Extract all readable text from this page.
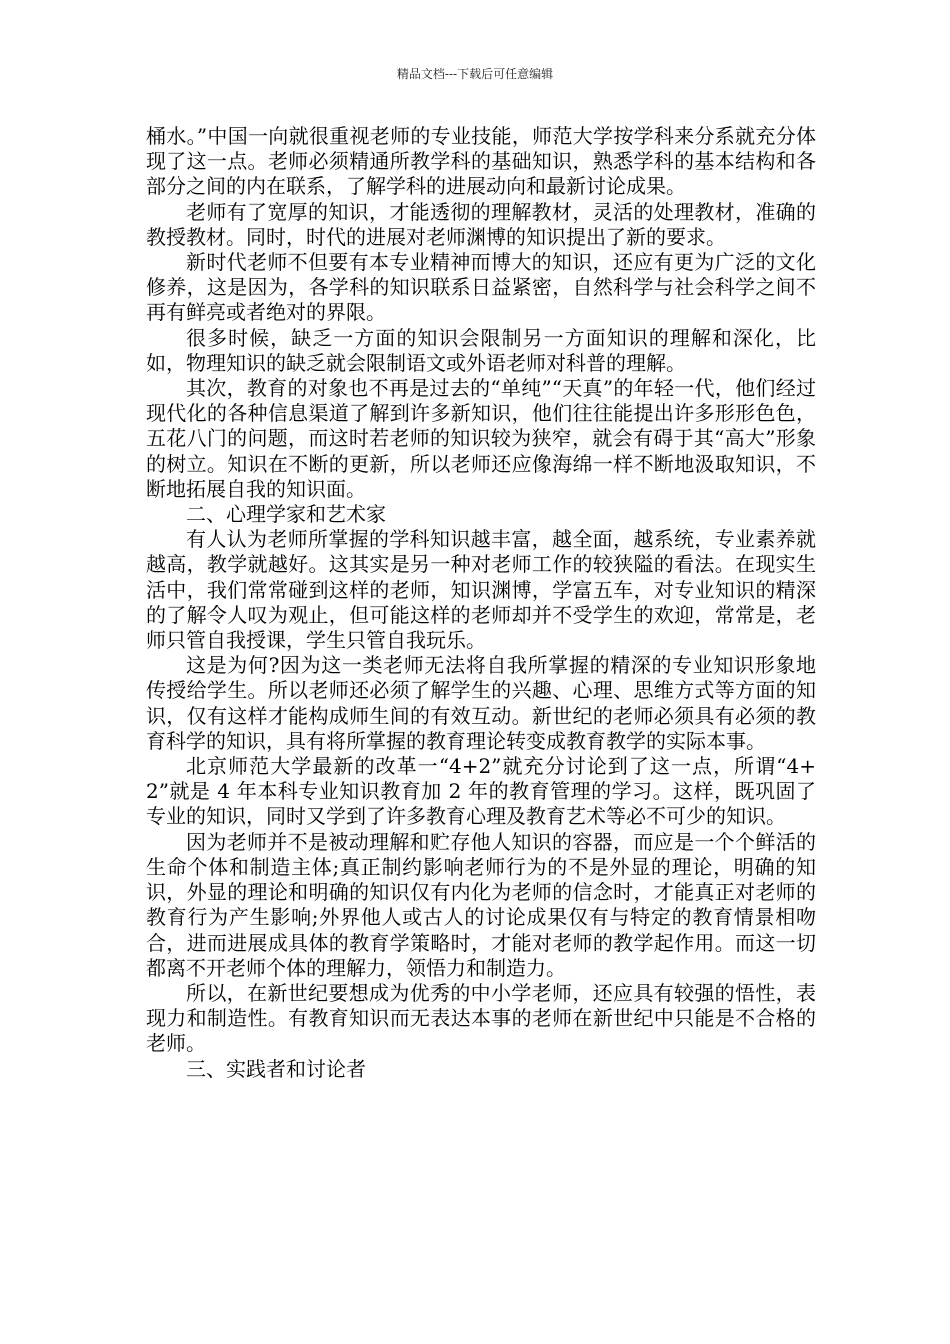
精品文档---下载后可任意编辑

桶水。”中国一向就很重视老师的专业技能，师范大学按学科来分系就充分体现了这一点。老师必须精通所教学科的基础知识，熟悉学科的基本结构和各部分之间的内在联系，了解学科的进展动向和最新讨论成果。

老师有了宽厚的知识，才能透彻的理解教材，灵活的处理教材，准确的教授教材。同时，时代的进展对老师渊博的知识提出了新的要求。

新时代老师不但要有本专业精神而博大的知识，还应有更为广泛的文化修养，这是因为，各学科的知识联系日益紧密，自然科学与社会科学之间不再有鲜亮或者绝对的界限。

很多时候，缺乏一方面的知识会限制另一方面知识的理解和深化，比如，物理知识的缺乏就会限制语文或外语老师对科普的理解。

其次，教育的对象也不再是过去的“单纯”“天真”的年轻一代，他们经过现代化的各种信息渠道了解到许多新知识，他们往往能提出许多形形色色，五花八门的问题，而这时若老师的知识较为狭窄，就会有碍于其“高大”形象的树立。知识在不断的更新，所以老师还应像海绵一样不断地汲取知识，不断地拓展自我的知识面。

二、心理学家和艺术家

有人认为老师所掌握的学科知识越丰富，越全面，越系统，专业素养就越高，教学就越好。这其实是另一种对老师工作的较狭隘的看法。在现实生活中，我们常常碰到这样的老师，知识渊博，学富五车，对专业知识的精深的了解令人叹为观止，但可能这样的老师却并不受学生的欢迎，常常是，老师只管自我授课，学生只管自我玩乐。

这是为何?因为这一类老师无法将自我所掌握的精深的专业知识形象地传授给学生。所以老师还必须了解学生的兴趣、心理、思维方式等方面的知识，仅有这样才能构成师生间的有效互动。新世纪的老师必须具有必须的教育科学的知识，具有将所掌握的教育理论转变成教育教学的实际本事。

北京师范大学最新的改革一“4+2”就充分讨论到了这一点，所谓“4+2”就是 4 年本科专业知识教育加 2 年的教育管理的学习。这样，既巩固了专业的知识，同时又学到了许多教育心理及教育艺术等必不可少的知识。

因为老师并不是被动理解和贮存他人知识的容器，而应是一个个鲜活的生命个体和制造主体;真正制约影响老师行为的不是外显的理论，明确的知识，外显的理论和明确的知识仅有内化为老师的信念时，才能真正对老师的教育行为产生影响;外界他人或古人的讨论成果仅有与特定的教育情景相吻合，进而进展成具体的教育学策略时，才能对老师的教学起作用。而这一切都离不开老师个体的理解力，领悟力和制造力。

所以，在新世纪要想成为优秀的中小学老师，还应具有较强的悟性，表现力和制造性。有教育知识而无表达本事的老师在新世纪中只能是不合格的老师。

三、实践者和讨论者
